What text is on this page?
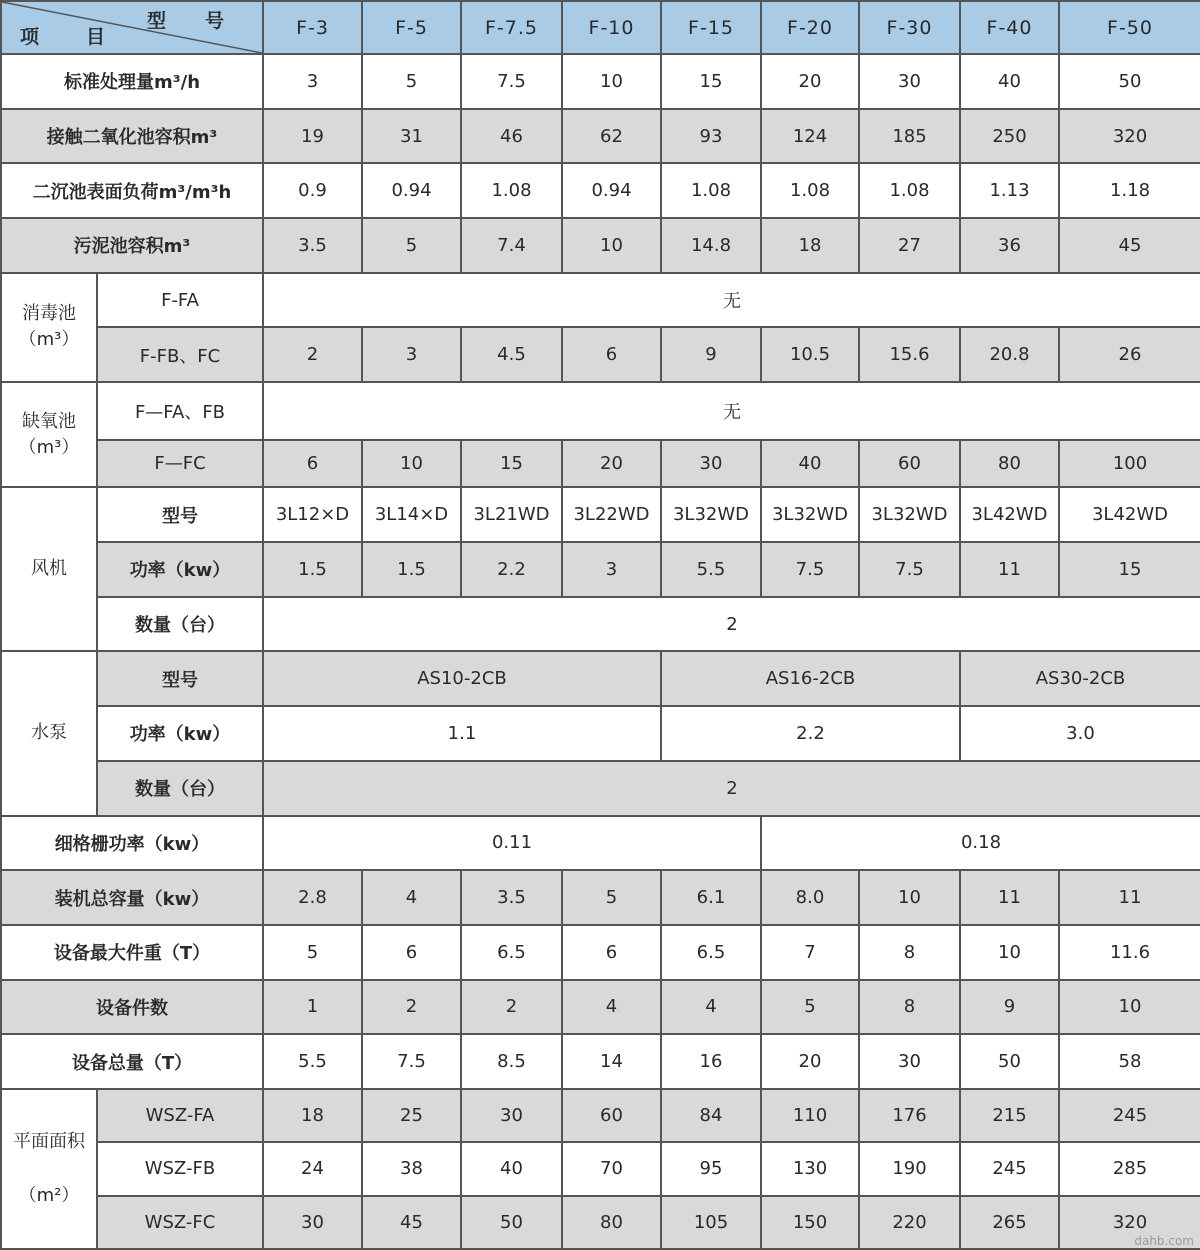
型　号
项　目		F-3	F-5	F-7.5	F-10	F-15	F-20	F-30	F-40	F-50
标准处理量m³/h		3	5	7.5	10	15	20	30	40	50
接触二氧化池容积m³		19	31	46	62	93	124	185	250	320
二沉池表面负荷m³/m³h		0.9	0.94	1.08	0.94	1.08	1.08	1.08	1.13	1.18
污泥池容积m³		3.5	5	7.4	10	14.8	18	27	36	45

消毒池
（m³）	F-FA	无								
	F-FB、FC	2	3	4.5	6	9	10.5	15.6	20.8	26

缺氧池
（m³）	F—FA、FB	无								
	F—FC	6	10	15	20	30	40	60	80	100
风机	型号	3L12×D	3L14×D	3L21WD	3L22WD	3L32WD	3L32WD	3L32WD	3L42WD	3L42WD
	功率（kw）	1.5	1.5	2.2	3	5.5	7.5	7.5	11	15
	数量（台）	2								
水泵	型号	AS10-2CB				AS16-2CB			AS30-2CB	
	功率（kw）	1.1				2.2			3.0	
	数量（台）	2								
细格栅功率（kw）		0.11					0.18			
装机总容量（kw）		2.8	4	3.5	5	6.1	8.0	10	11	11
设备最大件重（T）		5	6	6.5	6	6.5	7	8	10	11.6
设备件数		1	2	2	4	4	5	8	9	10
设备总量（T）		5.5	7.5	8.5	14	16	20	30	50	58

平面面积
（m²）	WSZ-FA	18	25	30	60	84	110	176	215	245
	WSZ-FB	24	38	40	70	95	130	190	245	285
	WSZ-FC	30	45	50	80	105	150	220	265	320
dahb.com
